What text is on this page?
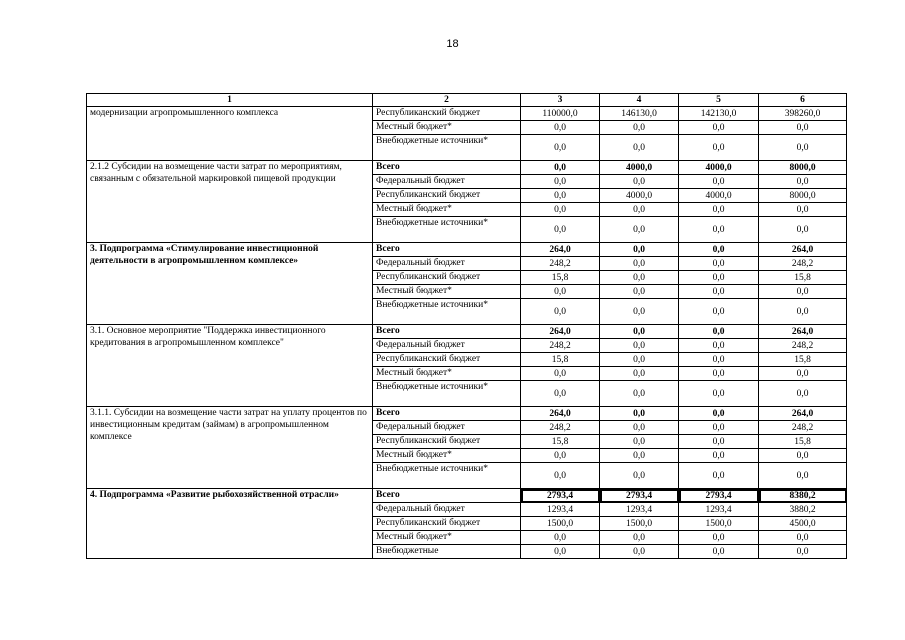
18
1	2	3	4	5	6
модернизации агропромышленного комплекса	Республиканский бюджет	110000,0	146130,0	142130,0	398260,0
	Местный бюджет*	0,0	0,0	0,0	0,0
	Внебюджетные источники*	0,0	0,0	0,0	0,0
2.1.2 Субсидии на возмещение части затрат по мероприятиям, связанным с обязательной маркировкой пищевой продукции	Всего	0,0	4000,0	4000,0	8000,0
	Федеральный бюджет	0,0	0,0	0,0	0,0
	Республиканский бюджет	0,0	4000,0	4000,0	8000,0
	Местный бюджет*	0,0	0,0	0,0	0,0
	Внебюджетные источники*	0,0	0,0	0,0	0,0
3. Подпрограмма «Стимулирование инвестиционной деятельности в агропромышленном комплексе»	Всего	264,0	0,0	0,0	264,0
	Федеральный бюджет	248,2	0,0	0,0	248,2
	Республиканский бюджет	15,8	0,0	0,0	15,8
	Местный бюджет*	0,0	0,0	0,0	0,0
	Внебюджетные источники*	0,0	0,0	0,0	0,0
3.1. Основное мероприятие "Поддержка инвестиционного кредитования в агропромышленном комплексе"	Всего	264,0	0,0	0,0	264,0
	Федеральный бюджет	248,2	0,0	0,0	248,2
	Республиканский бюджет	15,8	0,0	0,0	15,8
	Местный бюджет*	0,0	0,0	0,0	0,0
	Внебюджетные источники*	0,0	0,0	0,0	0,0
3.1.1. Субсидии на возмещение части затрат на уплату процентов по инвестиционным кредитам (займам) в агропромышленном комплексе	Всего	264,0	0,0	0,0	264,0
	Федеральный бюджет	248,2	0,0	0,0	248,2
	Республиканский бюджет	15,8	0,0	0,0	15,8
	Местный бюджет*	0,0	0,0	0,0	0,0
	Внебюджетные источники*	0,0	0,0	0,0	0,0
4. Подпрограмма «Развитие рыбохозяйственной отрасли»	Всего	2793,4	2793,4	2793,4	8380,2
	Федеральный бюджет	1293,4	1293,4	1293,4	3880,2
	Республиканский бюджет	1500,0	1500,0	1500,0	4500,0
	Местный бюджет*	0,0	0,0	0,0	0,0
	Внебюджетные	0,0	0,0	0,0	0,0
